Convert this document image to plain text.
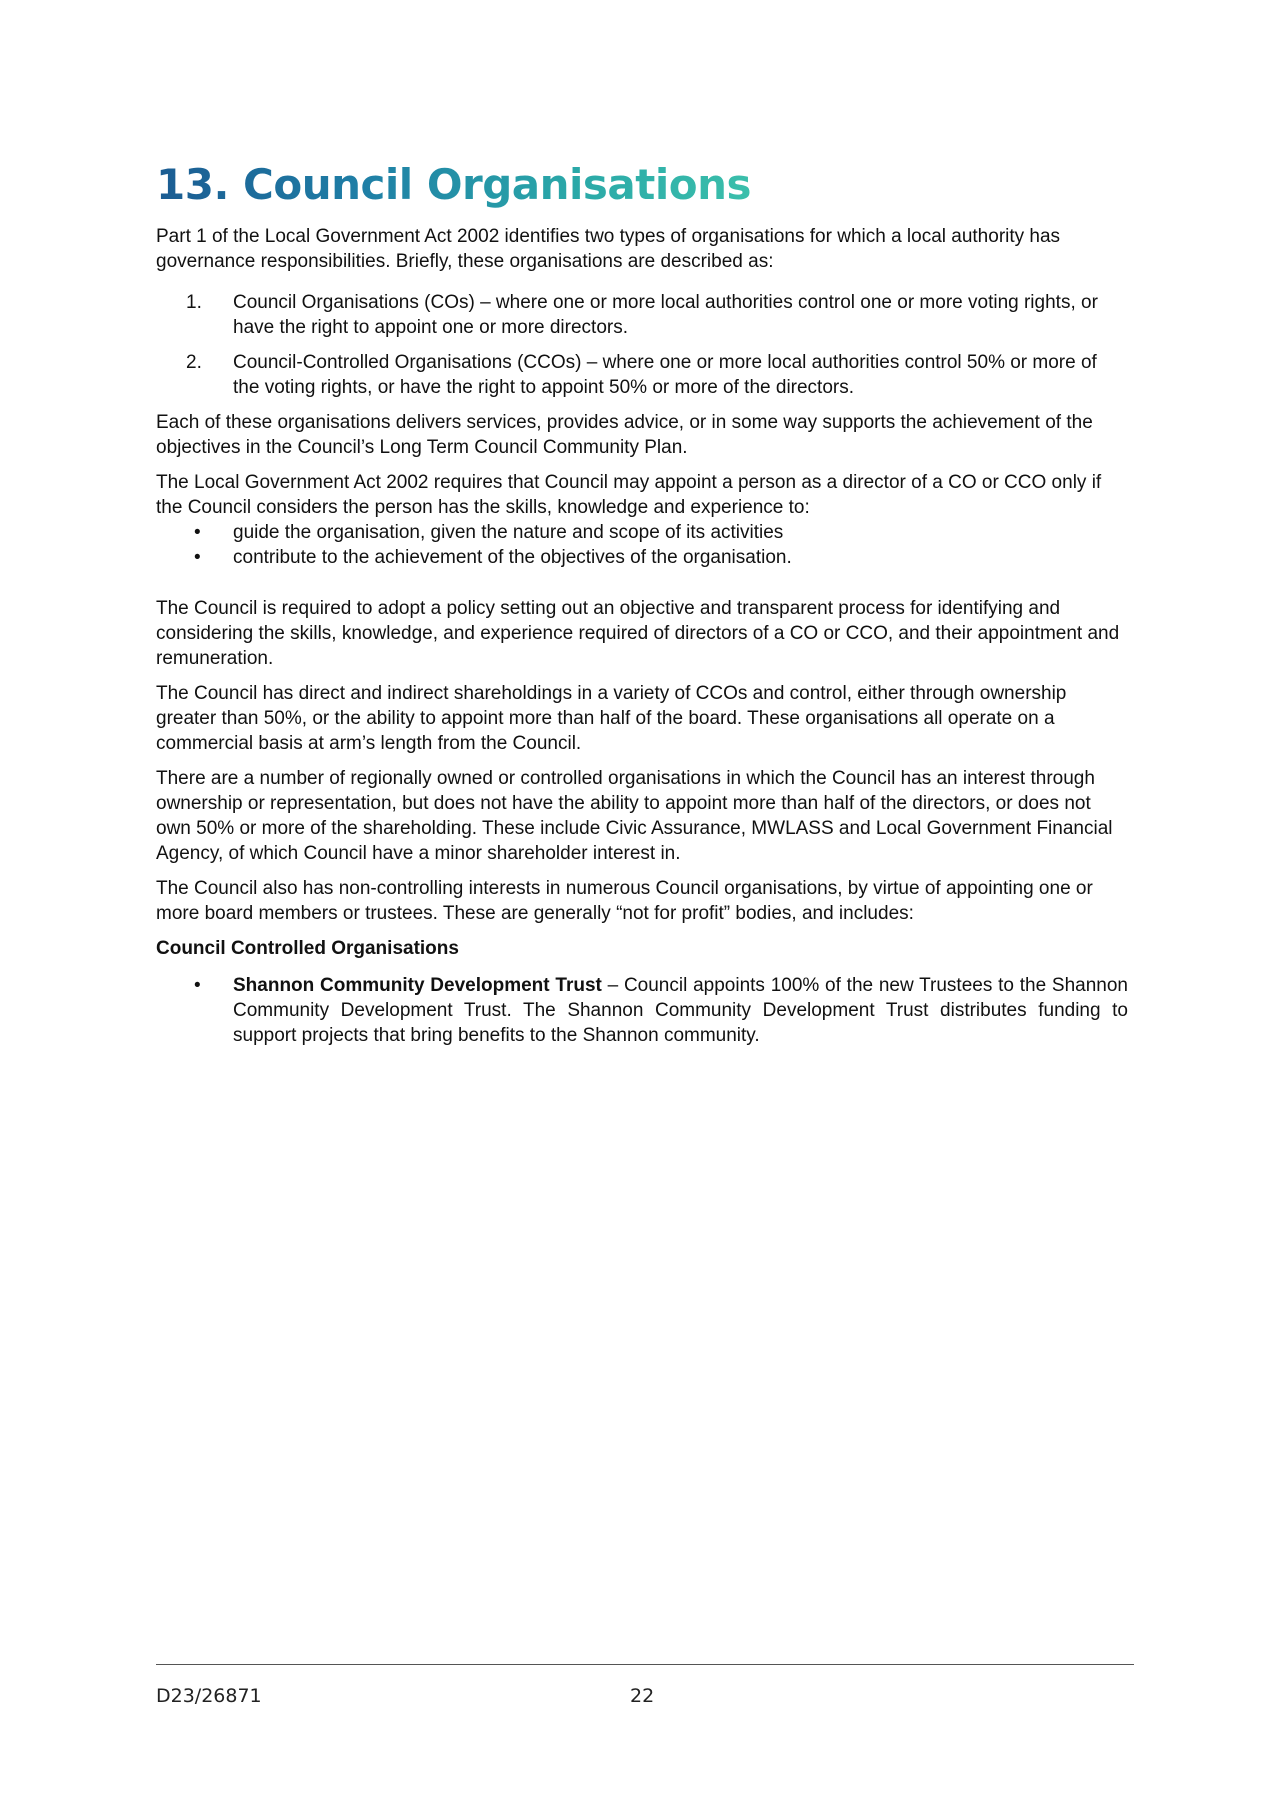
13. Council Organisations

Part 1 of the Local Government Act 2002 identifies two types of organisations for which a local authority has governance responsibilities. Briefly, these organisations are described as:

1. Council Organisations (COs) – where one or more local authorities control one or more voting rights, or have the right to appoint one or more directors.
2. Council-Controlled Organisations (CCOs) – where one or more local authorities control 50% or more of the voting rights, or have the right to appoint 50% or more of the directors.

Each of these organisations delivers services, provides advice, or in some way supports the achievement of the objectives in the Council’s Long Term Council Community Plan.

The Local Government Act 2002 requires that Council may appoint a person as a director of a CO or CCO only if the Council considers the person has the skills, knowledge and experience to:

• guide the organisation, given the nature and scope of its activities
• contribute to the achievement of the objectives of the organisation.

The Council is required to adopt a policy setting out an objective and transparent process for identifying and considering the skills, knowledge, and experience required of directors of a CO or CCO, and their appointment and remuneration.

The Council has direct and indirect shareholdings in a variety of CCOs and control, either through ownership greater than 50%, or the ability to appoint more than half of the board. These organisations all operate on a commercial basis at arm’s length from the Council.

There are a number of regionally owned or controlled organisations in which the Council has an interest through ownership or representation, but does not have the ability to appoint more than half of the directors, or does not own 50% or more of the shareholding. These include Civic Assurance, MWLASS and Local Government Financial Agency, of which Council have a minor shareholder interest in.

The Council also has non-controlling interests in numerous Council organisations, by virtue of appointing one or more board members or trustees. These are generally “not for profit” bodies, and includes:

Council Controlled Organisations
• Shannon Community Development Trust – Council appoints 100% of the new Trustees to the Shannon Community Development Trust. The Shannon Community Development Trust distributes funding to support projects that bring benefits to the Shannon community.
D23/26871	22
